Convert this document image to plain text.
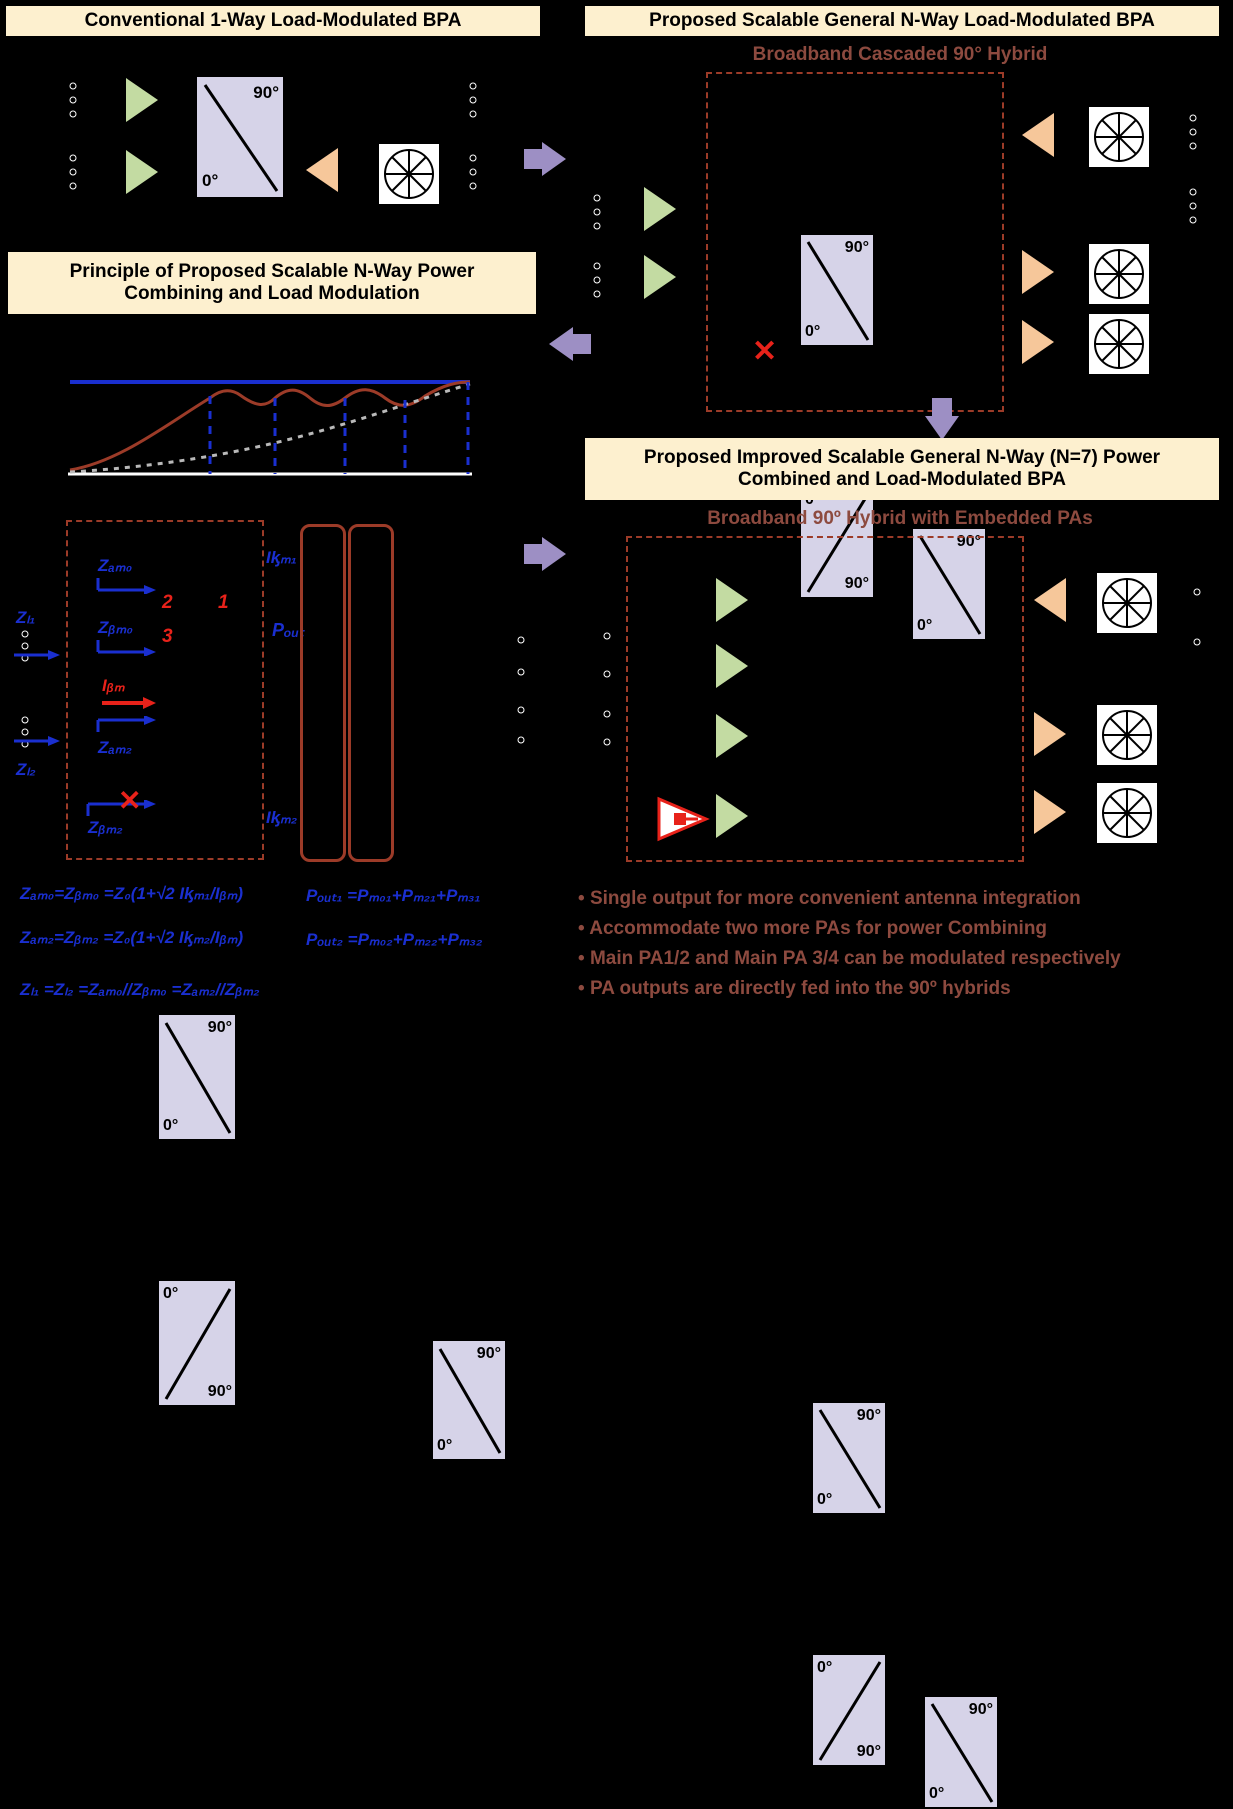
Conventional 1-Way Load-Modulated BPA
90°
0°
Proposed Scalable General N-Way Load-Modulated BPA
Broadband Cascaded 90° Hybrid
90°
0°
90°
90°
0°
✕
Principle of Proposed Scalable N-Way Power
Combining and Load Modulation
90°
0°
0°
90°
Zₐₘ₀
Zᵦₘ₀
Zₐₘ₂
Zᵦₘ₂
Zₗ₁
Zₗ₂
Iᵦₘ
Iᶄₘ₁
Iᶄₘ₂
Pₒᵤₜ
1
2
3
✕
90°
0°
Zₐₘ₀=Zᵦₘ₀ =Z₀(1+√2 Iᶄₘ₁/Iᵦₘ)
Zₐₘ₂=Zᵦₘ₂ =Z₀(1+√2 Iᶄₘ₂/Iᵦₘ)
Zₗ₁ =Zₗ₂ =Zₐₘ₀//Zᵦₘ₀ =Zₐₘ₂//Zᵦₘ₂
Pₒᵤₜ₁ =Pₘ₀₁+Pₘ₂₁+Pₘ₃₁
Pₒᵤₜ₂ =Pₘ₀₂+Pₘ₂₂+Pₘ₃₂
Proposed Improved Scalable General N-Way (N=7) Power
Combined and Load-Modulated BPA
Broadband 90º Hybrid with Embedded PAs
90°
0°
0°
90°
90°
0°
• Single output for more convenient antenna integration
• Accommodate two more PAs for power Combining
• Main PA1/2 and Main PA 3/4 can be modulated respectively
• PA outputs are directly fed into the 90º hybrids
